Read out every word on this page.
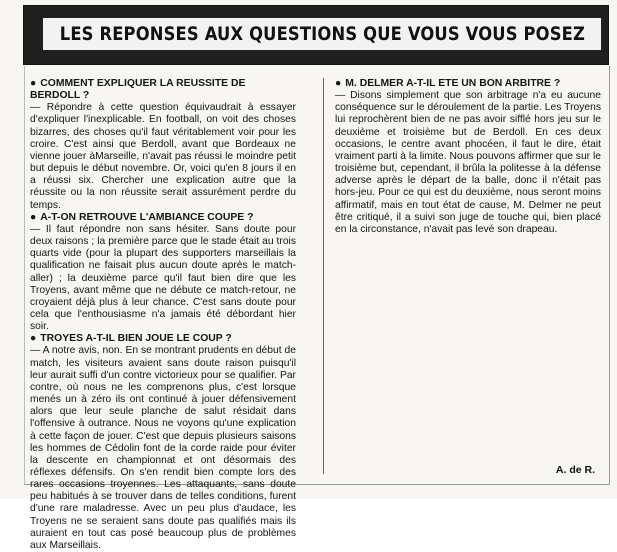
LES REPONSES AUX QUESTIONS QUE VOUS VOUS POSEZ

● COMMENT EXPLIQUER LA REUSSITE DE BERDOLL ?

— Répondre à cette question équivaudrait à essayer d'expliquer l'inexplicable. En football, on voit des choses bizarres, des choses qu'il faut véritablement voir pour les croire. C'est ainsi que Berdoll, avant que Bordeaux ne vienne jouer àMarseille, n'avait pas réussi le moindre petit but depuis le début novembre. Or, voici qu'en 8 jours il en a réussi six. Chercher une explication autre que la réussite ou la non réussite serait assurément perdre du temps.

● A-T-ON RETROUVE L'AMBIANCE COUPE ?

— Il faut répondre non sans hésiter. Sans doute pour deux raisons ; la première parce que le stade était au trois quarts vide (pour la plupart des supporters marseillais la qualification ne faisait plus aucun doute après le match-aller) ; la deuxième parce qu'il faut bien dire que les Troyens, avant même que ne débute ce match-retour, ne croyaient déjà plus à leur chance. C'est sans doute pour cela que l'enthousiasme n'a jamais été débordant hier soir.

● TROYES A-T-IL BIEN JOUE LE COUP ?

— A notre avis, non. En se montrant prudents en début de match, les visiteurs avaient sans doute raison puisqu'il leur aurait suffi d'un contre victorieux pour se qualifier. Par contre, où nous ne les comprenons plus, c'est lorsque menés un à zéro ils ont continué à jouer défensivement alors que leur seule planche de salut résidait dans l'offensive à outrance. Nous ne voyons qu'une explication à cette façon de jouer. C'est que depuis plusieurs saisons les hommes de Cédolin font de la corde raide pour éviter la descente en championnat et ont désormais des réflexes défensifs. On s'en rendit bien compte lors des rares occasions troyennes. Les attaquants, sans doute peu habitués à se trouver dans de telles conditions, furent d'une rare maladresse. Avec un peu plus d'audace, les Troyens ne se seraient sans doute pas qualifiés mais ils auraient en tout cas posé beaucoup plus de problèmes aux Marseillais.

● M. DELMER A-T-IL ETE UN BON ARBITRE ?

— Disons simplement que son arbitrage n'a eu aucune conséquence sur le déroulement de la partie. Les Troyens lui reprochèrent bien de ne pas avoir sifflé hors jeu sur le deuxième et troisième but de Berdoll. En ces deux occasions, le centre avant phocéen, il faut le dire, était vraiment parti à la limite. Nous pouvons affirmer que sur le troisième but, cependant, il brûla la politesse à la défense adverse après le départ de la balle, donc il n'était pas hors-jeu. Pour ce qui est du deuxième, nous seront moins affirmatif, mais en tout état de cause, M. Delmer ne peut être critiqué, il a suivi son juge de touche qui, bien placé en la circonstance, n'avait pas levé son drapeau.

A. de R.
